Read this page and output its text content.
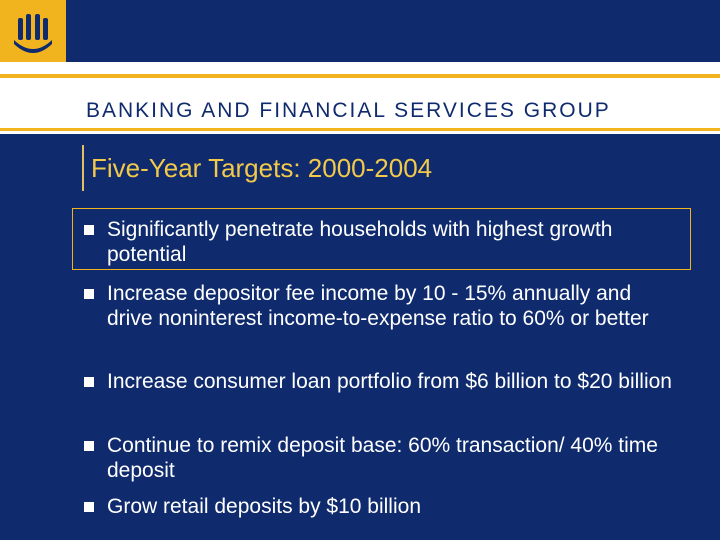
BANKING AND FINANCIAL SERVICES GROUP
Five-Year Targets: 2000-2004
Significantly penetrate households with highest growth potential
Increase depositor fee income by 10 - 15% annually and drive noninterest income-to-expense ratio to 60% or better
Increase consumer loan portfolio from $6 billion to $20 billion
Continue to remix deposit base: 60% transaction/ 40% time deposit
Grow retail deposits by $10 billion
